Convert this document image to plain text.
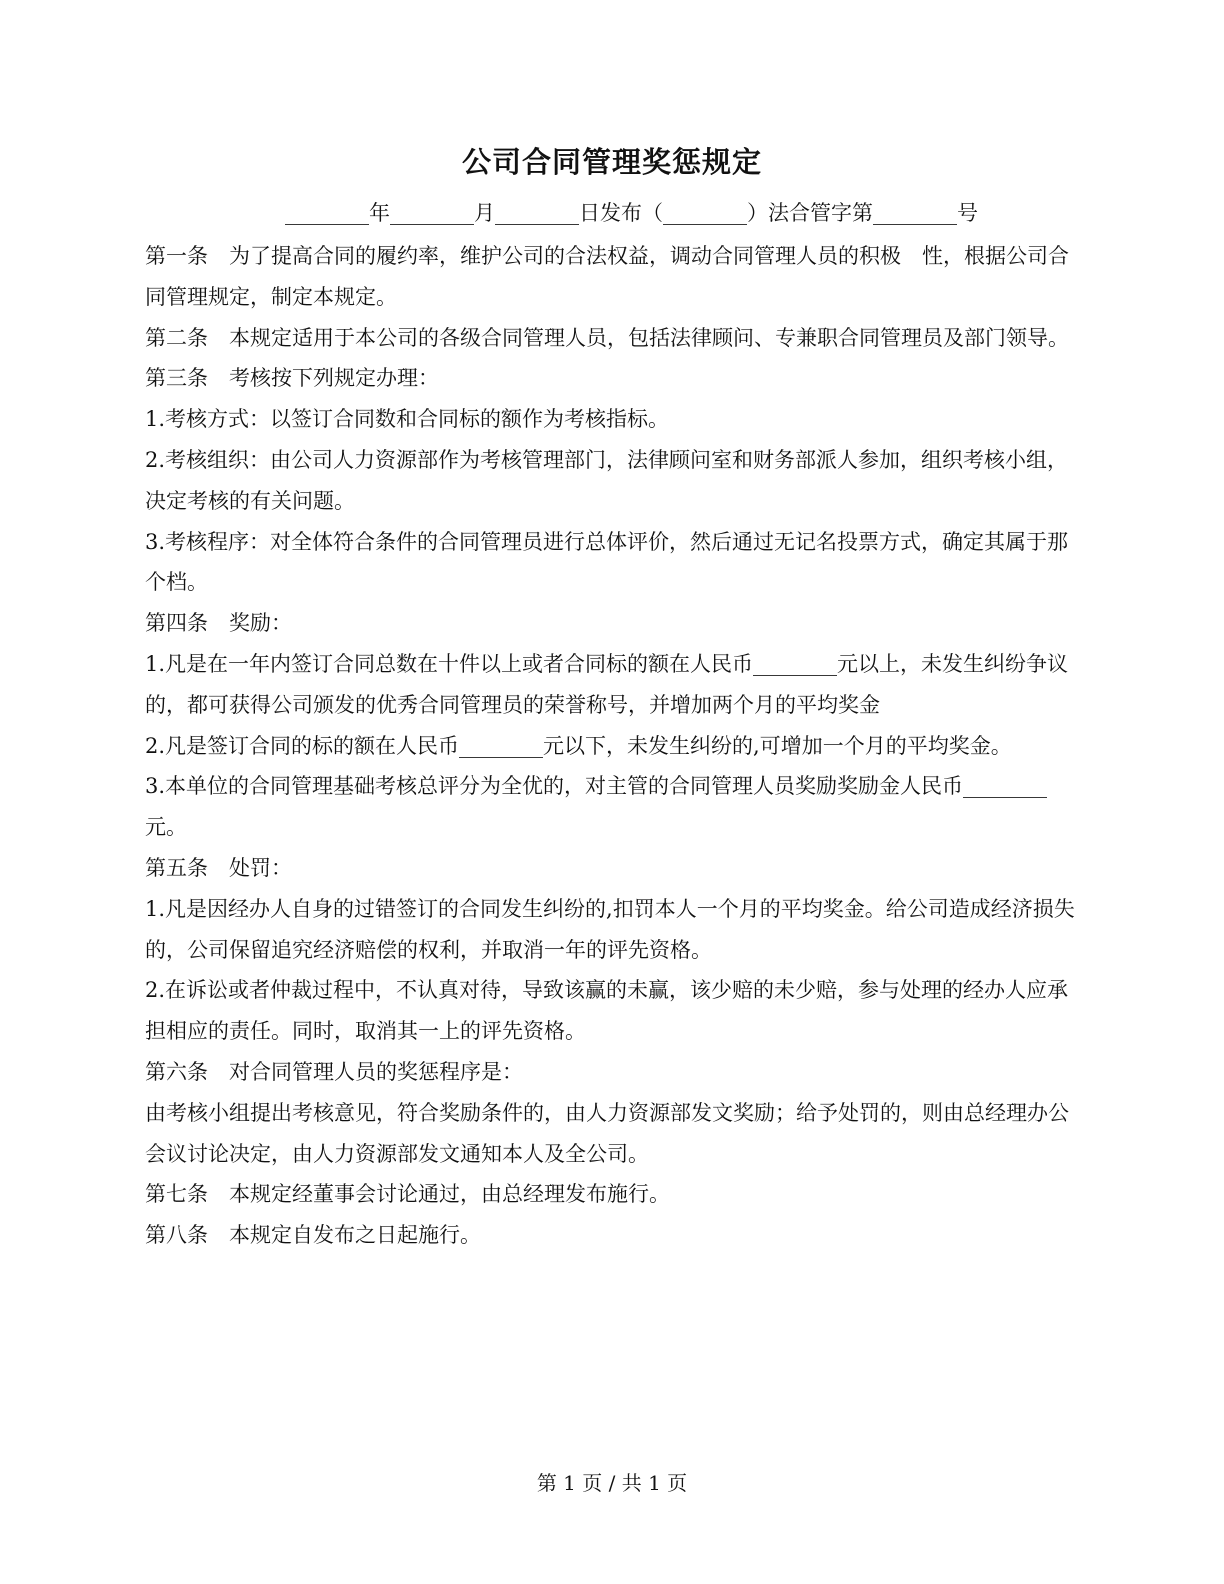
公司合同管理奖惩规定
________年________月________日发布（________）法合管字第________号

第一条　为了提高合同的履约率，维护公司的合法权益，调动合同管理人员的积极　性，根据公司合同管理规定，制定本规定。

第二条　本规定适用于本公司的各级合同管理人员，包括法律顾问、专兼职合同管理员及部门领导。

第三条　考核按下列规定办理：

1.考核方式：以签订合同数和合同标的额作为考核指标。

2.考核组织：由公司人力资源部作为考核管理部门，法律顾问室和财务部派人参加，组织考核小组，决定考核的有关问题。

3.考核程序：对全体符合条件的合同管理员进行总体评价，然后通过无记名投票方式，确定其属于那个档。

第四条　奖励：

1.凡是在一年内签订合同总数在十件以上或者合同标的额在人民币________元以上，未发生纠纷争议的，都可获得公司颁发的优秀合同管理员的荣誉称号，并增加两个月的平均奖金

2.凡是签订合同的标的额在人民币________元以下，未发生纠纷的,可增加一个月的平均奖金。

3.本单位的合同管理基础考核总评分为全优的，对主管的合同管理人员奖励奖励金人民币________元。

第五条　处罚：

1.凡是因经办人自身的过错签订的合同发生纠纷的,扣罚本人一个月的平均奖金。给公司造成经济损失的，公司保留追究经济赔偿的权利，并取消一年的评先资格。

2.在诉讼或者仲裁过程中，不认真对待，导致该赢的未赢，该少赔的未少赔，参与处理的经办人应承担相应的责任。同时，取消其一上的评先资格。

第六条　对合同管理人员的奖惩程序是：

由考核小组提出考核意见，符合奖励条件的，由人力资源部发文奖励；给予处罚的，则由总经理办公会议讨论决定，由人力资源部发文通知本人及全公司。

第七条　本规定经董事会讨论通过，由总经理发布施行。

第八条　本规定自发布之日起施行。

第 1 页 / 共 1 页
